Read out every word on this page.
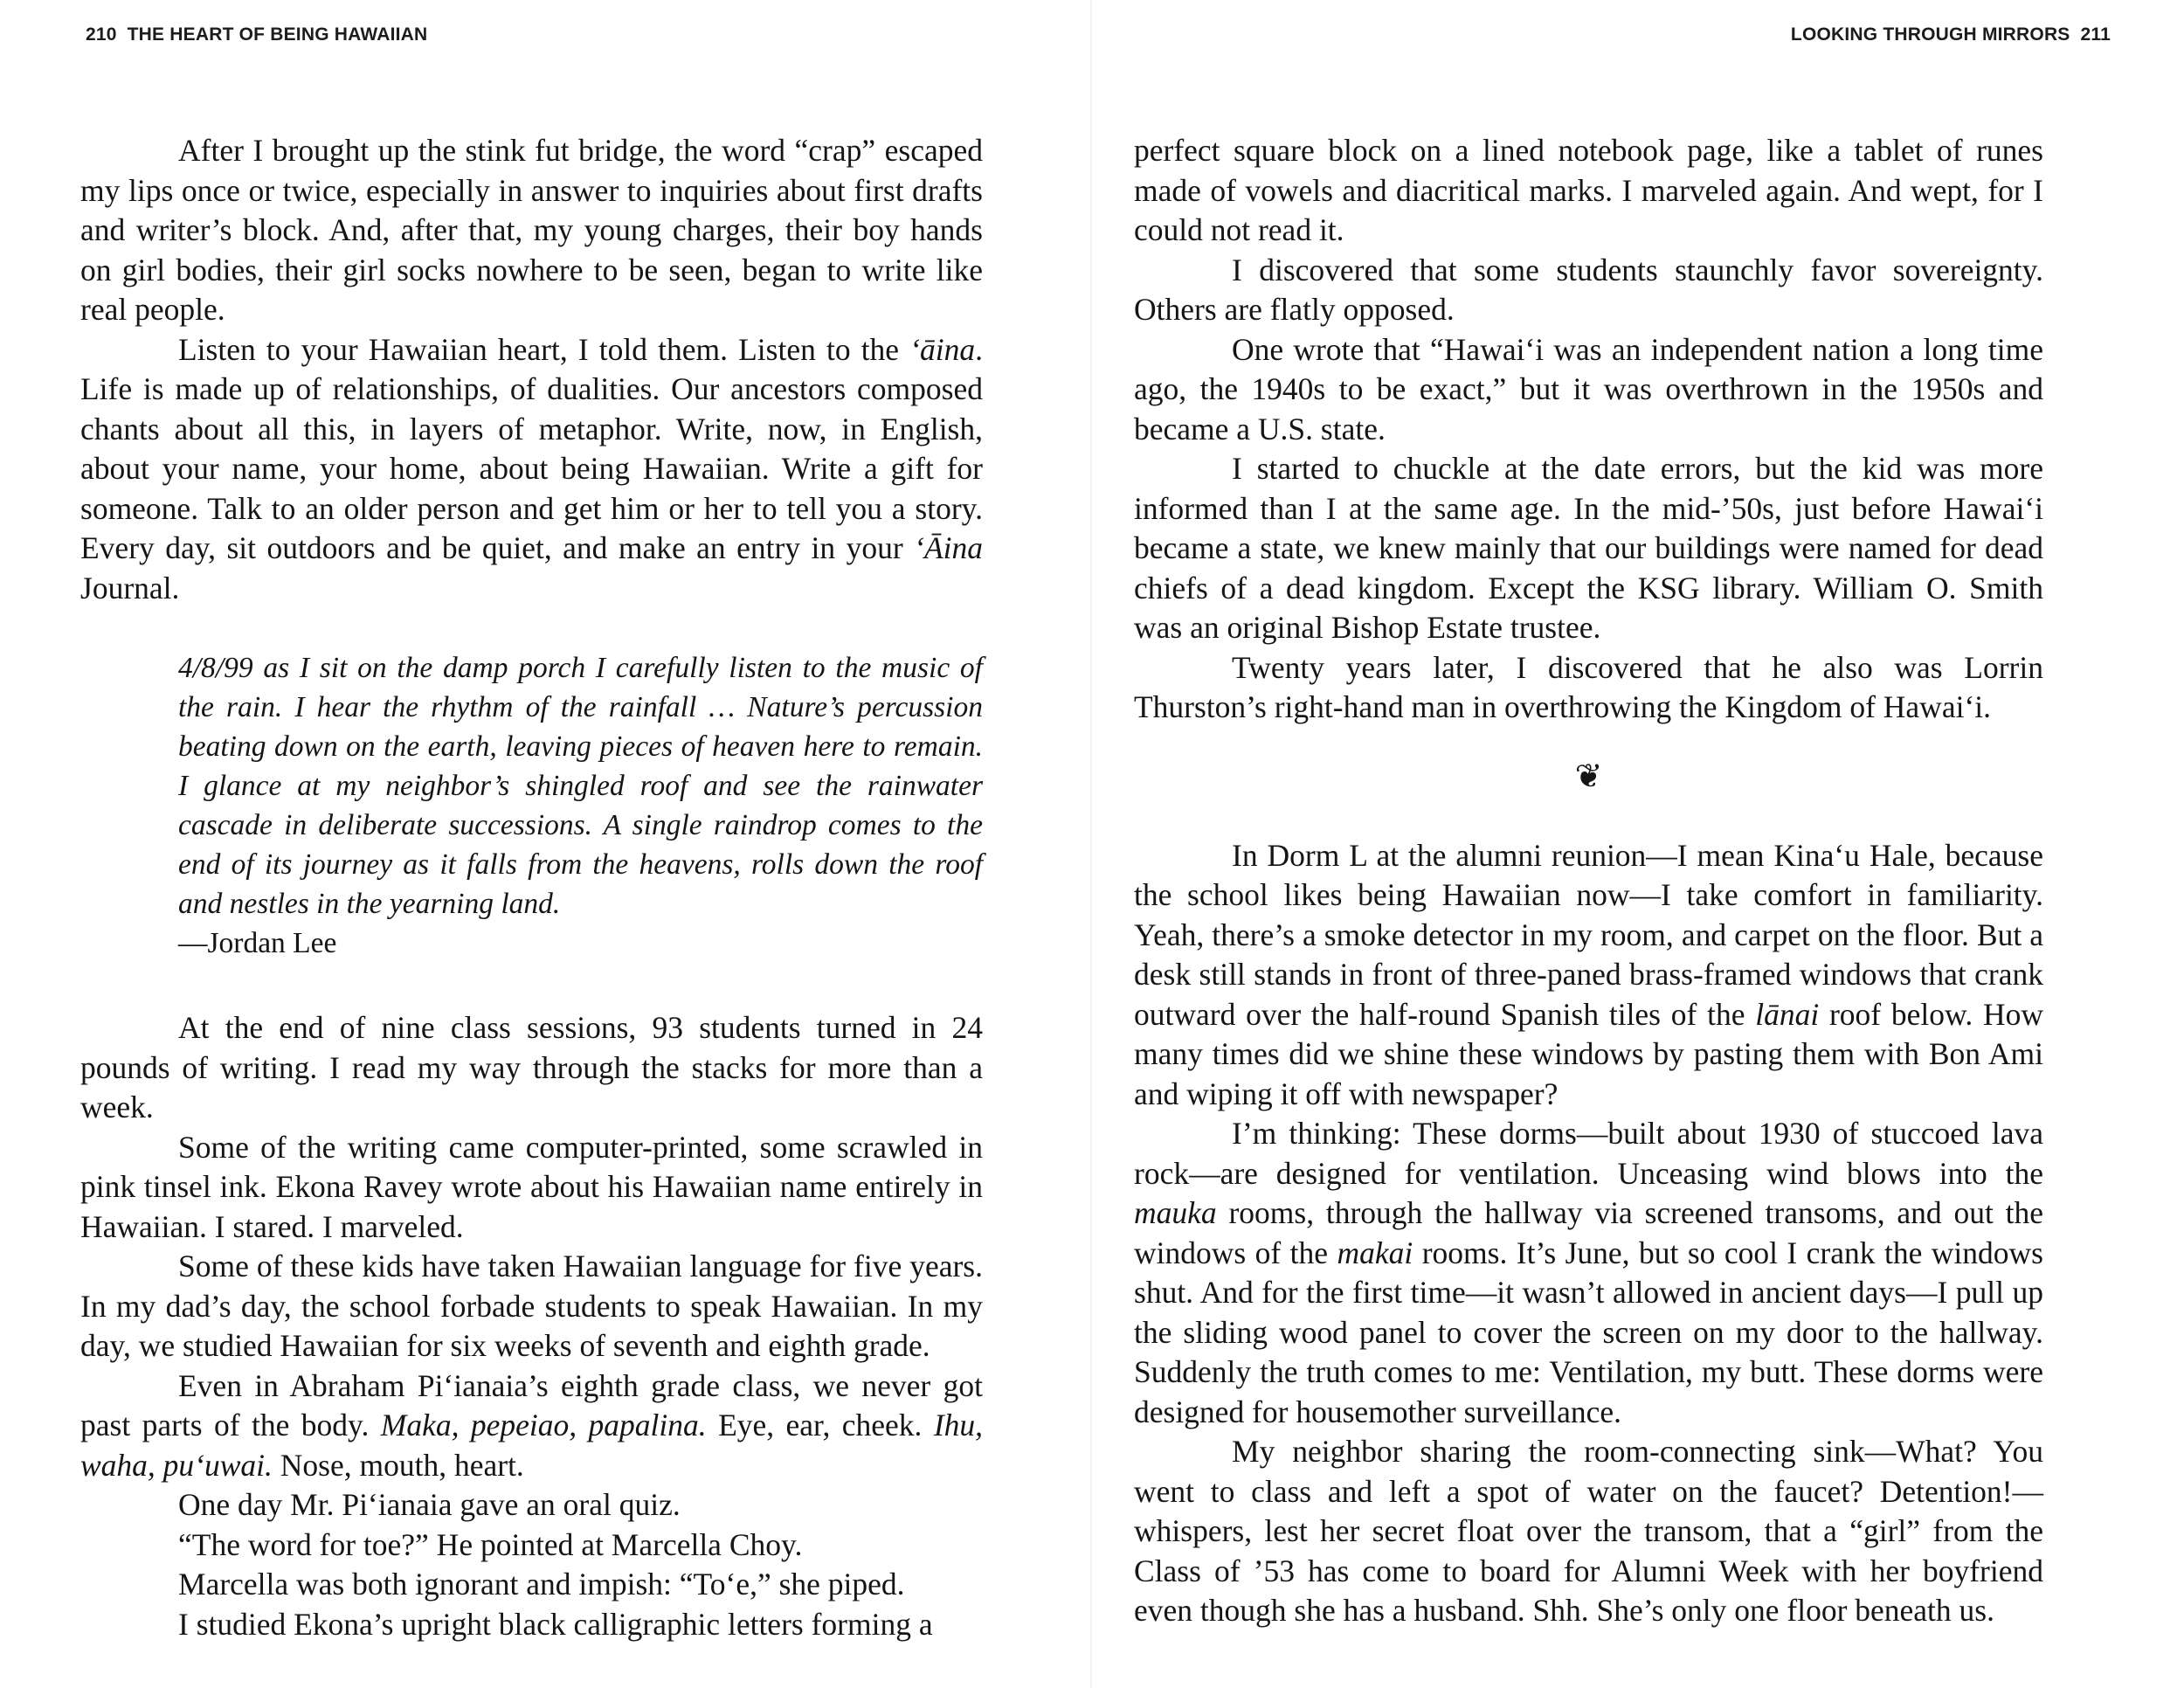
210 THE HEART OF BEING HAWAIIAN

After I brought up the stink fut bridge, the word “crap” escaped my lips once or twice, especially in answer to inquiries about first drafts and writer’s block. And, after that, my young charges, their boy hands on girl bodies, their girl socks nowhere to be seen, began to write like real people.

Listen to your Hawaiian heart, I told them. Listen to the ‘āina. Life is made up of relationships, of dualities. Our ancestors composed chants about all this, in layers of metaphor. Write, now, in English, about your name, your home, about being Hawaiian. Write a gift for someone. Talk to an older person and get him or her to tell you a story. Every day, sit outdoors and be quiet, and make an entry in your ‘Āina Journal.

4/8/99 as I sit on the damp porch I carefully listen to the music of the rain. I hear the rhythm of the rainfall … Nature’s percussion beating down on the earth, leaving pieces of heaven here to remain. I glance at my neighbor’s shingled roof and see the rainwater cascade in deliberate successions. A single raindrop comes to the end of its journey as it falls from the heavens, rolls down the roof and nestles in the yearning land.
—Jordan Lee

At the end of nine class sessions, 93 students turned in 24 pounds of writing. I read my way through the stacks for more than a week.

Some of the writing came computer-printed, some scrawled in pink tinsel ink. Ekona Ravey wrote about his Hawaiian name entirely in Hawaiian. I stared. I marveled.

Some of these kids have taken Hawaiian language for five years. In my dad’s day, the school forbade students to speak Hawaiian. In my day, we studied Hawaiian for six weeks of seventh and eighth grade.

Even in Abraham Pi‘ianaia’s eighth grade class, we never got past parts of the body. Maka, pepeiao, papalina. Eye, ear, cheek. Ihu, waha, pu‘uwai. Nose, mouth, heart.

One day Mr. Pi‘ianaia gave an oral quiz.

“The word for toe?” He pointed at Marcella Choy.

Marcella was both ignorant and impish: “To‘e,” she piped.

I studied Ekona’s upright black calligraphic letters forming a

LOOKING THROUGH MIRRORS 211

perfect square block on a lined notebook page, like a tablet of runes made of vowels and diacritical marks. I marveled again. And wept, for I could not read it.

I discovered that some students staunchly favor sovereignty. Others are flatly opposed.

One wrote that “Hawai‘i was an independent nation a long time ago, the 1940s to be exact,” but it was overthrown in the 1950s and became a U.S. state.

I started to chuckle at the date errors, but the kid was more informed than I at the same age. In the mid-’50s, just before Hawai‘i became a state, we knew mainly that our buildings were named for dead chiefs of a dead kingdom. Except the KSG library. William O. Smith was an original Bishop Estate trustee.

Twenty years later, I discovered that he also was Lorrin Thurston’s right-hand man in overthrowing the Kingdom of Hawai‘i.

❦

In Dorm L at the alumni reunion—I mean Kina‘u Hale, because the school likes being Hawaiian now—I take comfort in familiarity. Yeah, there’s a smoke detector in my room, and carpet on the floor. But a desk still stands in front of three-paned brass-framed windows that crank outward over the half-round Spanish tiles of the lānai roof below. How many times did we shine these windows by pasting them with Bon Ami and wiping it off with newspaper?

I’m thinking: These dorms—built about 1930 of stuccoed lava rock—are designed for ventilation. Unceasing wind blows into the mauka rooms, through the hallway via screened transoms, and out the windows of the makai rooms. It’s June, but so cool I crank the windows shut. And for the first time—it wasn’t allowed in ancient days—I pull up the sliding wood panel to cover the screen on my door to the hallway. Suddenly the truth comes to me: Ventilation, my butt. These dorms were designed for housemother surveillance.

My neighbor sharing the room-connecting sink—What? You went to class and left a spot of water on the faucet? Detention!—whispers, lest her secret float over the transom, that a “girl” from the Class of ’53 has come to board for Alumni Week with her boyfriend even though she has a husband. Shh. She’s only one floor beneath us.
